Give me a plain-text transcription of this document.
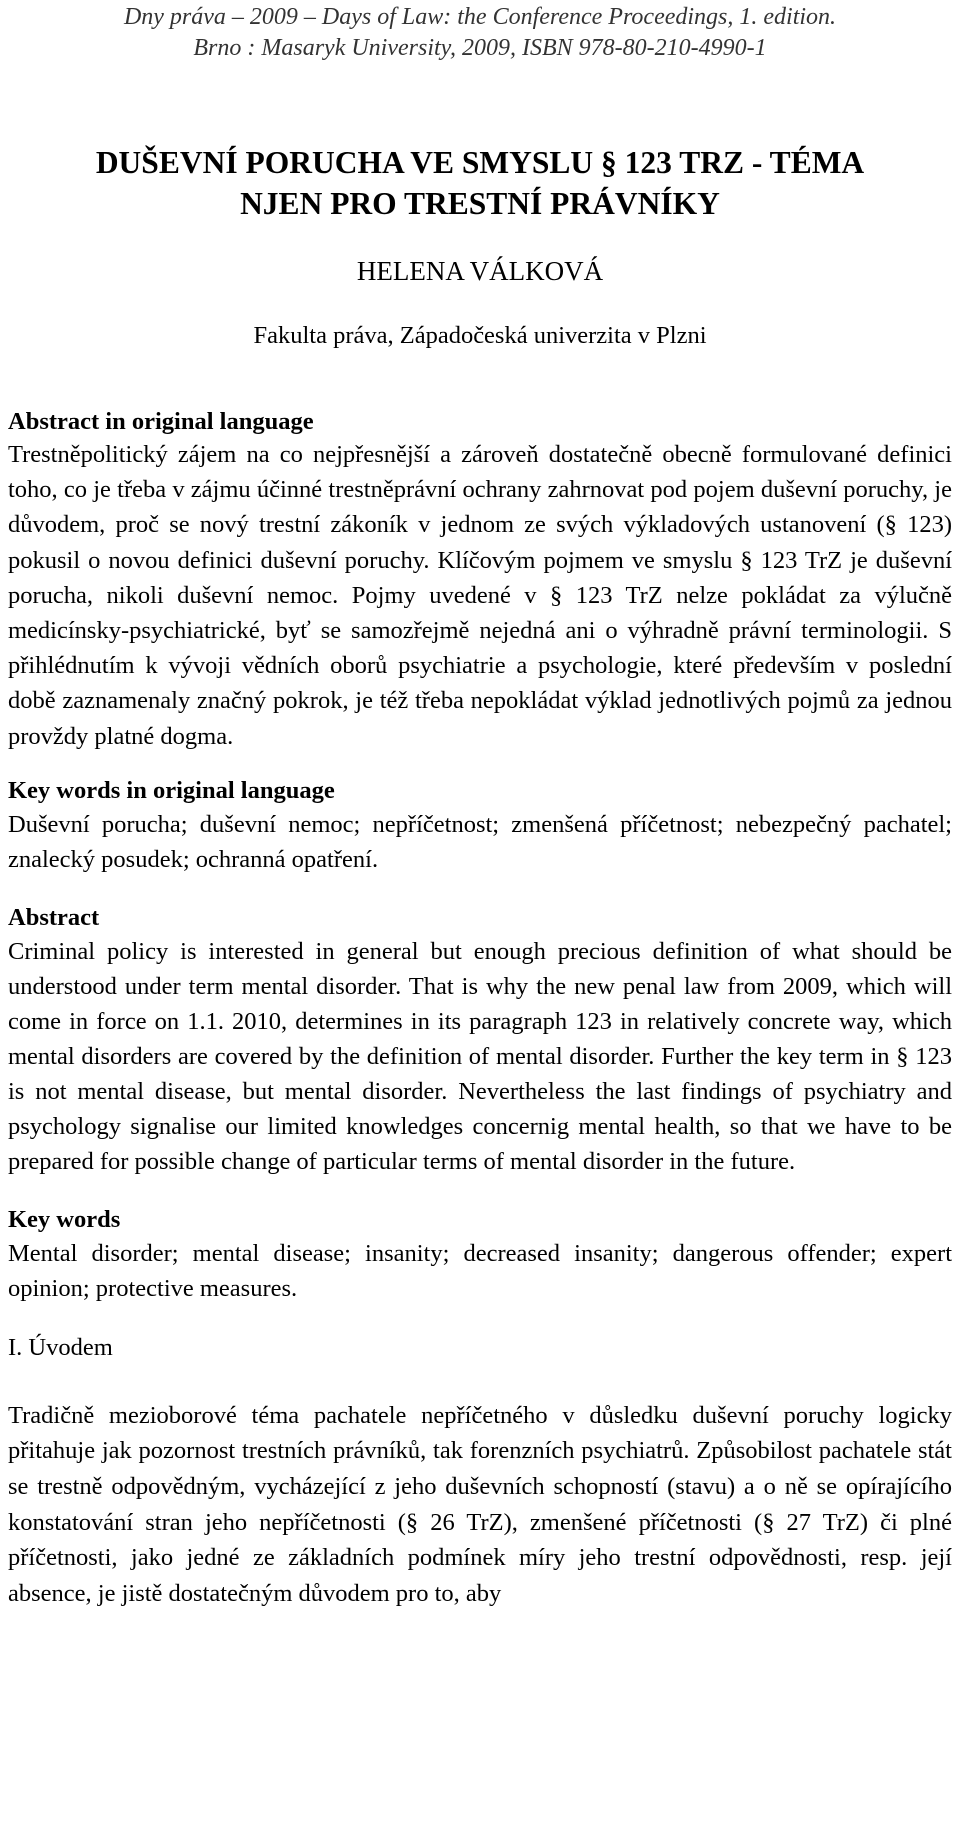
Dny práva – 2009 – Days of Law: the Conference Proceedings, 1. edition.
Brno : Masaryk University, 2009, ISBN 978-80-210-4990-1
DUŠEVNÍ PORUCHA VE SMYSLU § 123 TRZ - TÉMA
NJEN PRO TRESTNÍ PRÁVNÍKY
HELENA VÁLKOVÁ
Fakulta práva, Západočeská univerzita v Plzni
Abstract in original language
Trestněpolitický zájem na co nejpřesnější a zároveň dostatečně obecně formulované definici toho, co je třeba v zájmu účinné trestněprávní ochrany zahrnovat pod pojem duševní poruchy, je důvodem, proč se nový trestní zákoník v jednom ze svých výkladových ustanovení (§ 123) pokusil o novou definici duševní poruchy. Klíčovým pojmem ve smyslu § 123 TrZ je duševní porucha, nikoli duševní nemoc. Pojmy uvedené v § 123 TrZ nelze pokládat za výlučně medicínsky-psychiatrické, byť se samozřejmě nejedná ani o výhradně právní terminologii. S přihlédnutím k vývoji vědních oborů psychiatrie a psychologie, které především v poslední době zaznamenaly značný pokrok, je též třeba nepokládat výklad jednotlivých pojmů za jednou provždy platné dogma.
Key words in original language
Duševní porucha; duševní nemoc; nepříčetnost; zmenšená příčetnost; nebezpečný pachatel; znalecký posudek; ochranná opatření.
Abstract
Criminal policy is interested in general but enough precious definition of what should be understood under term mental disorder. That is why the new penal law from 2009, which will come in force on 1.1. 2010, determines in its paragraph 123 in relatively concrete way, which mental disorders are covered by the definition of mental disorder. Further the key term in § 123 is not mental disease, but mental disorder. Nevertheless the last findings of psychiatry and psychology signalise our limited knowledges concernig mental health, so that we have to be prepared for possible change of particular terms of mental disorder in the future.
Key words
Mental disorder; mental disease; insanity; decreased insanity; dangerous offender; expert opinion; protective measures.
I. Úvodem
Tradičně mezioborové téma pachatele nepříčetného v důsledku duševní poruchy logicky přitahuje jak pozornost trestních právníků, tak forenzních psychiatrů. Způsobilost pachatele stát se trestně odpovědným, vycházející z jeho duševních schopností (stavu) a o ně se opírajícího konstatování stran jeho nepříčetnosti (§ 26 TrZ), zmenšené příčetnosti (§ 27 TrZ) či plné příčetnosti, jako jedné ze základních podmínek míry jeho trestní odpovědnosti, resp. její absence, je jistě dostatečným důvodem pro to, aby
